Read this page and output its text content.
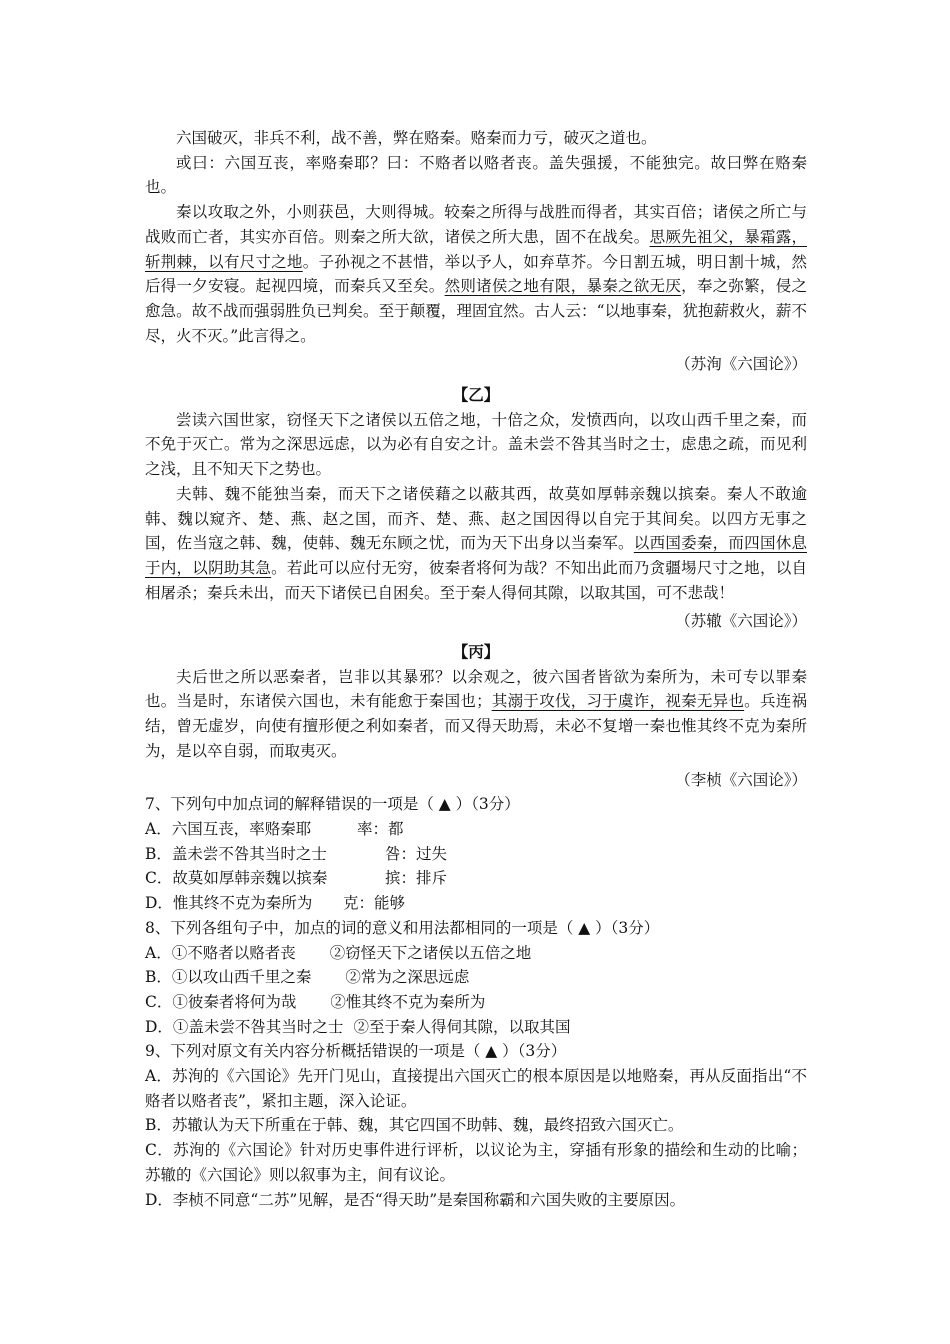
六国破灭，非兵不利，战不善，弊在赂秦。赂秦而力亏，破灭之道也。

或曰：六国互丧，率赂秦耶？曰：不赂者以赂者丧。盖失强援，不能独完。故曰弊在赂秦也。

秦以攻取之外，小则获邑，大则得城。较秦之所得与战胜而得者，其实百倍；诸侯之所亡与战败而亡者，其实亦百倍。则秦之所大欲，诸侯之所大患，固不在战矣。思厥先祖父，暴霜露，斩荆棘，以有尺寸之地。子孙视之不甚惜，举以予人，如弃草芥。今日割五城，明日割十城，然后得一夕安寝。起视四境，而秦兵又至矣。然则诸侯之地有限，暴秦之欲无厌，奉之弥繁，侵之愈急。故不战而强弱胜负已判矣。至于颠覆，理固宜然。古人云：“以地事秦，犹抱薪救火，薪不尽，火不灭。”此言得之。

（苏洵《六国论》）

【乙】

尝读六国世家，窃怪天下之诸侯以五倍之地，十倍之众，发愤西向，以攻山西千里之秦，而不免于灭亡。常为之深思远虑，以为必有自安之计。盖未尝不咎其当时之士，虑患之疏，而见利之浅，且不知天下之势也。

夫韩、魏不能独当秦，而天下之诸侯藉之以蔽其西，故莫如厚韩亲魏以摈秦。秦人不敢逾韩、魏以窥齐、楚、燕、赵之国，而齐、楚、燕、赵之国因得以自完于其间矣。以四方无事之国，佐当寇之韩、魏，使韩、魏无东顾之忧，而为天下出身以当秦军。以西国委秦，而四国休息于内，以阴助其急。若此可以应付无穷，彼秦者将何为哉？不知出此而乃贪疆埸尺寸之地，以自相屠杀；秦兵未出，而天下诸侯已自困矣。至于秦人得伺其隙，以取其国，可不悲哉！

（苏辙《六国论》）

【丙】

夫后世之所以恶秦者，岂非以其暴邪？以余观之，彼六国者皆欲为秦所为，未可专以罪秦也。当是时，东诸侯六国也，未有能愈于秦国也；其溺于攻伐，习于虞诈，视秦无异也。兵连祸结，曾无虚岁，向使有擅形便之利如秦者，而又得天助焉，未必不复增一秦也惟其终不克为秦所为，是以卒自弱，而取夷灭。

（李桢《六国论》）

7、下列句中加点词的解释错误的一项是（ ▲ ）（3分）

A．六国互丧，率赂秦耶	率：都

B．盖未尝不咎其当时之士	咎：过失

C．故莫如厚韩亲魏以摈秦	摈：排斥

D．惟其终不克为秦所为 克：能够

8、下列各组句子中，加点的词的意义和用法都相同的一项是（ ▲ ）（3分）

A．①不赂者以赂者丧 ②窃怪天下之诸侯以五倍之地

B．①以攻山西千里之秦 ②常为之深思远虑

C．①彼秦者将何为哉 ②惟其终不克为秦所为

D．①盖未尝不咎其当时之士 ②至于秦人得伺其隙，以取其国

9、下列对原文有关内容分析概括错误的一项是（ ▲ ）（3分）

A．苏洵的《六国论》先开门见山，直接提出六国灭亡的根本原因是以地赂秦，再从反面指出“不赂者以赂者丧”，紧扣主题，深入论证。

B．苏辙认为天下所重在于韩、魏，其它四国不助韩、魏，最终招致六国灭亡。

C．苏洵的《六国论》针对历史事件进行评析，以议论为主，穿插有形象的描绘和生动的比喻；苏辙的《六国论》则以叙事为主，间有议论。

D．李桢不同意“二苏”见解，是否“得天助”是秦国称霸和六国失败的主要原因。
